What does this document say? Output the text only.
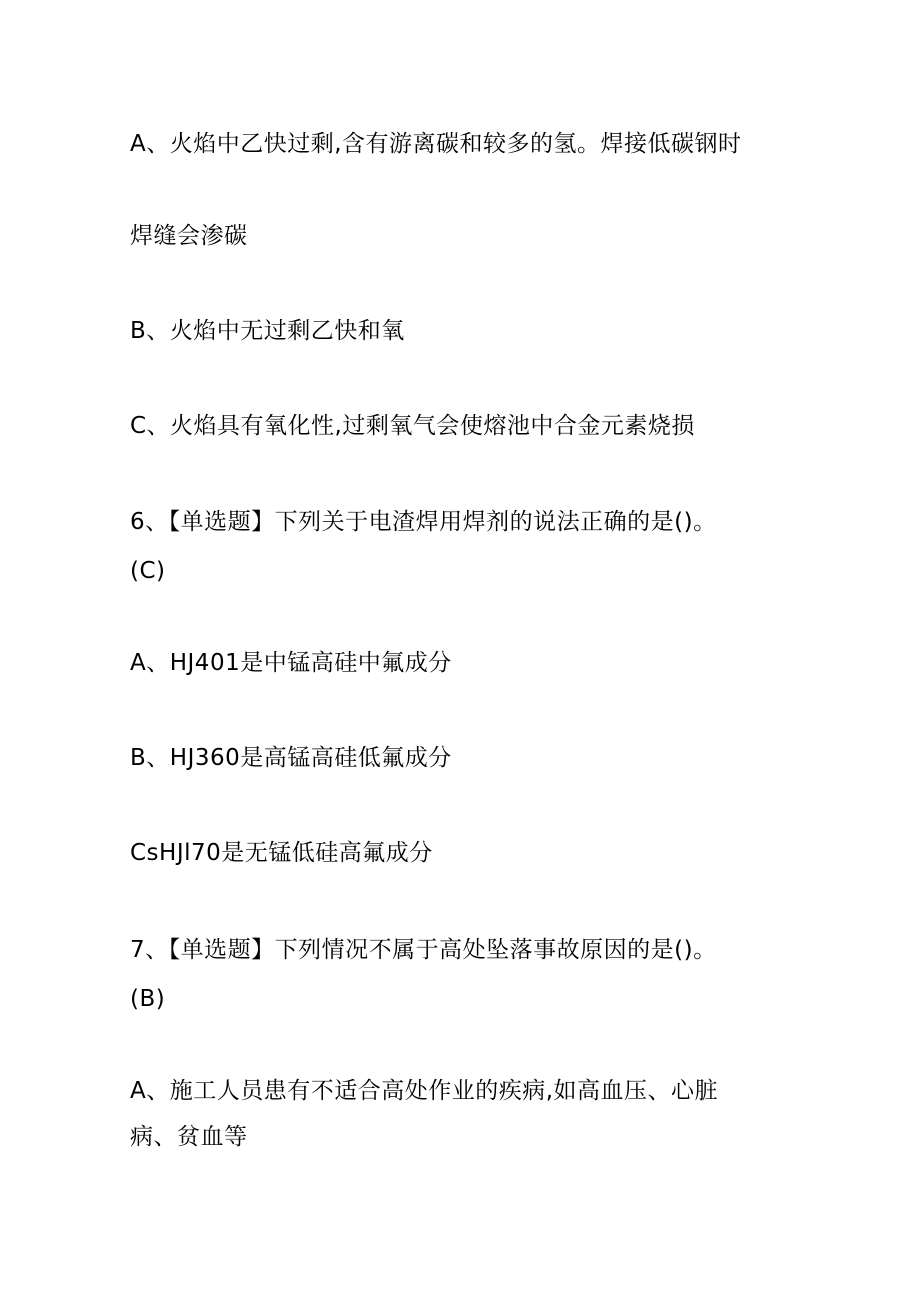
A、火焰中乙快过剩,含有游离碳和较多的氢。焊接低碳钢时

焊缝会渗碳

B、火焰中无过剩乙快和氧

C、火焰具有氧化性,过剩氧气会使熔池中合金元素烧损

6、【单选题】下列关于电渣焊用焊剂的说法正确的是()。

(C)

A、HJ401是中锰高硅中氟成分

B、HJ360是高锰高硅低氟成分

CsHJl70是无锰低硅高氟成分

7、【单选题】下列情况不属于高处坠落事故原因的是()。

(B)

A、施工人员患有不适合高处作业的疾病,如高血压、心脏

病、贫血等
